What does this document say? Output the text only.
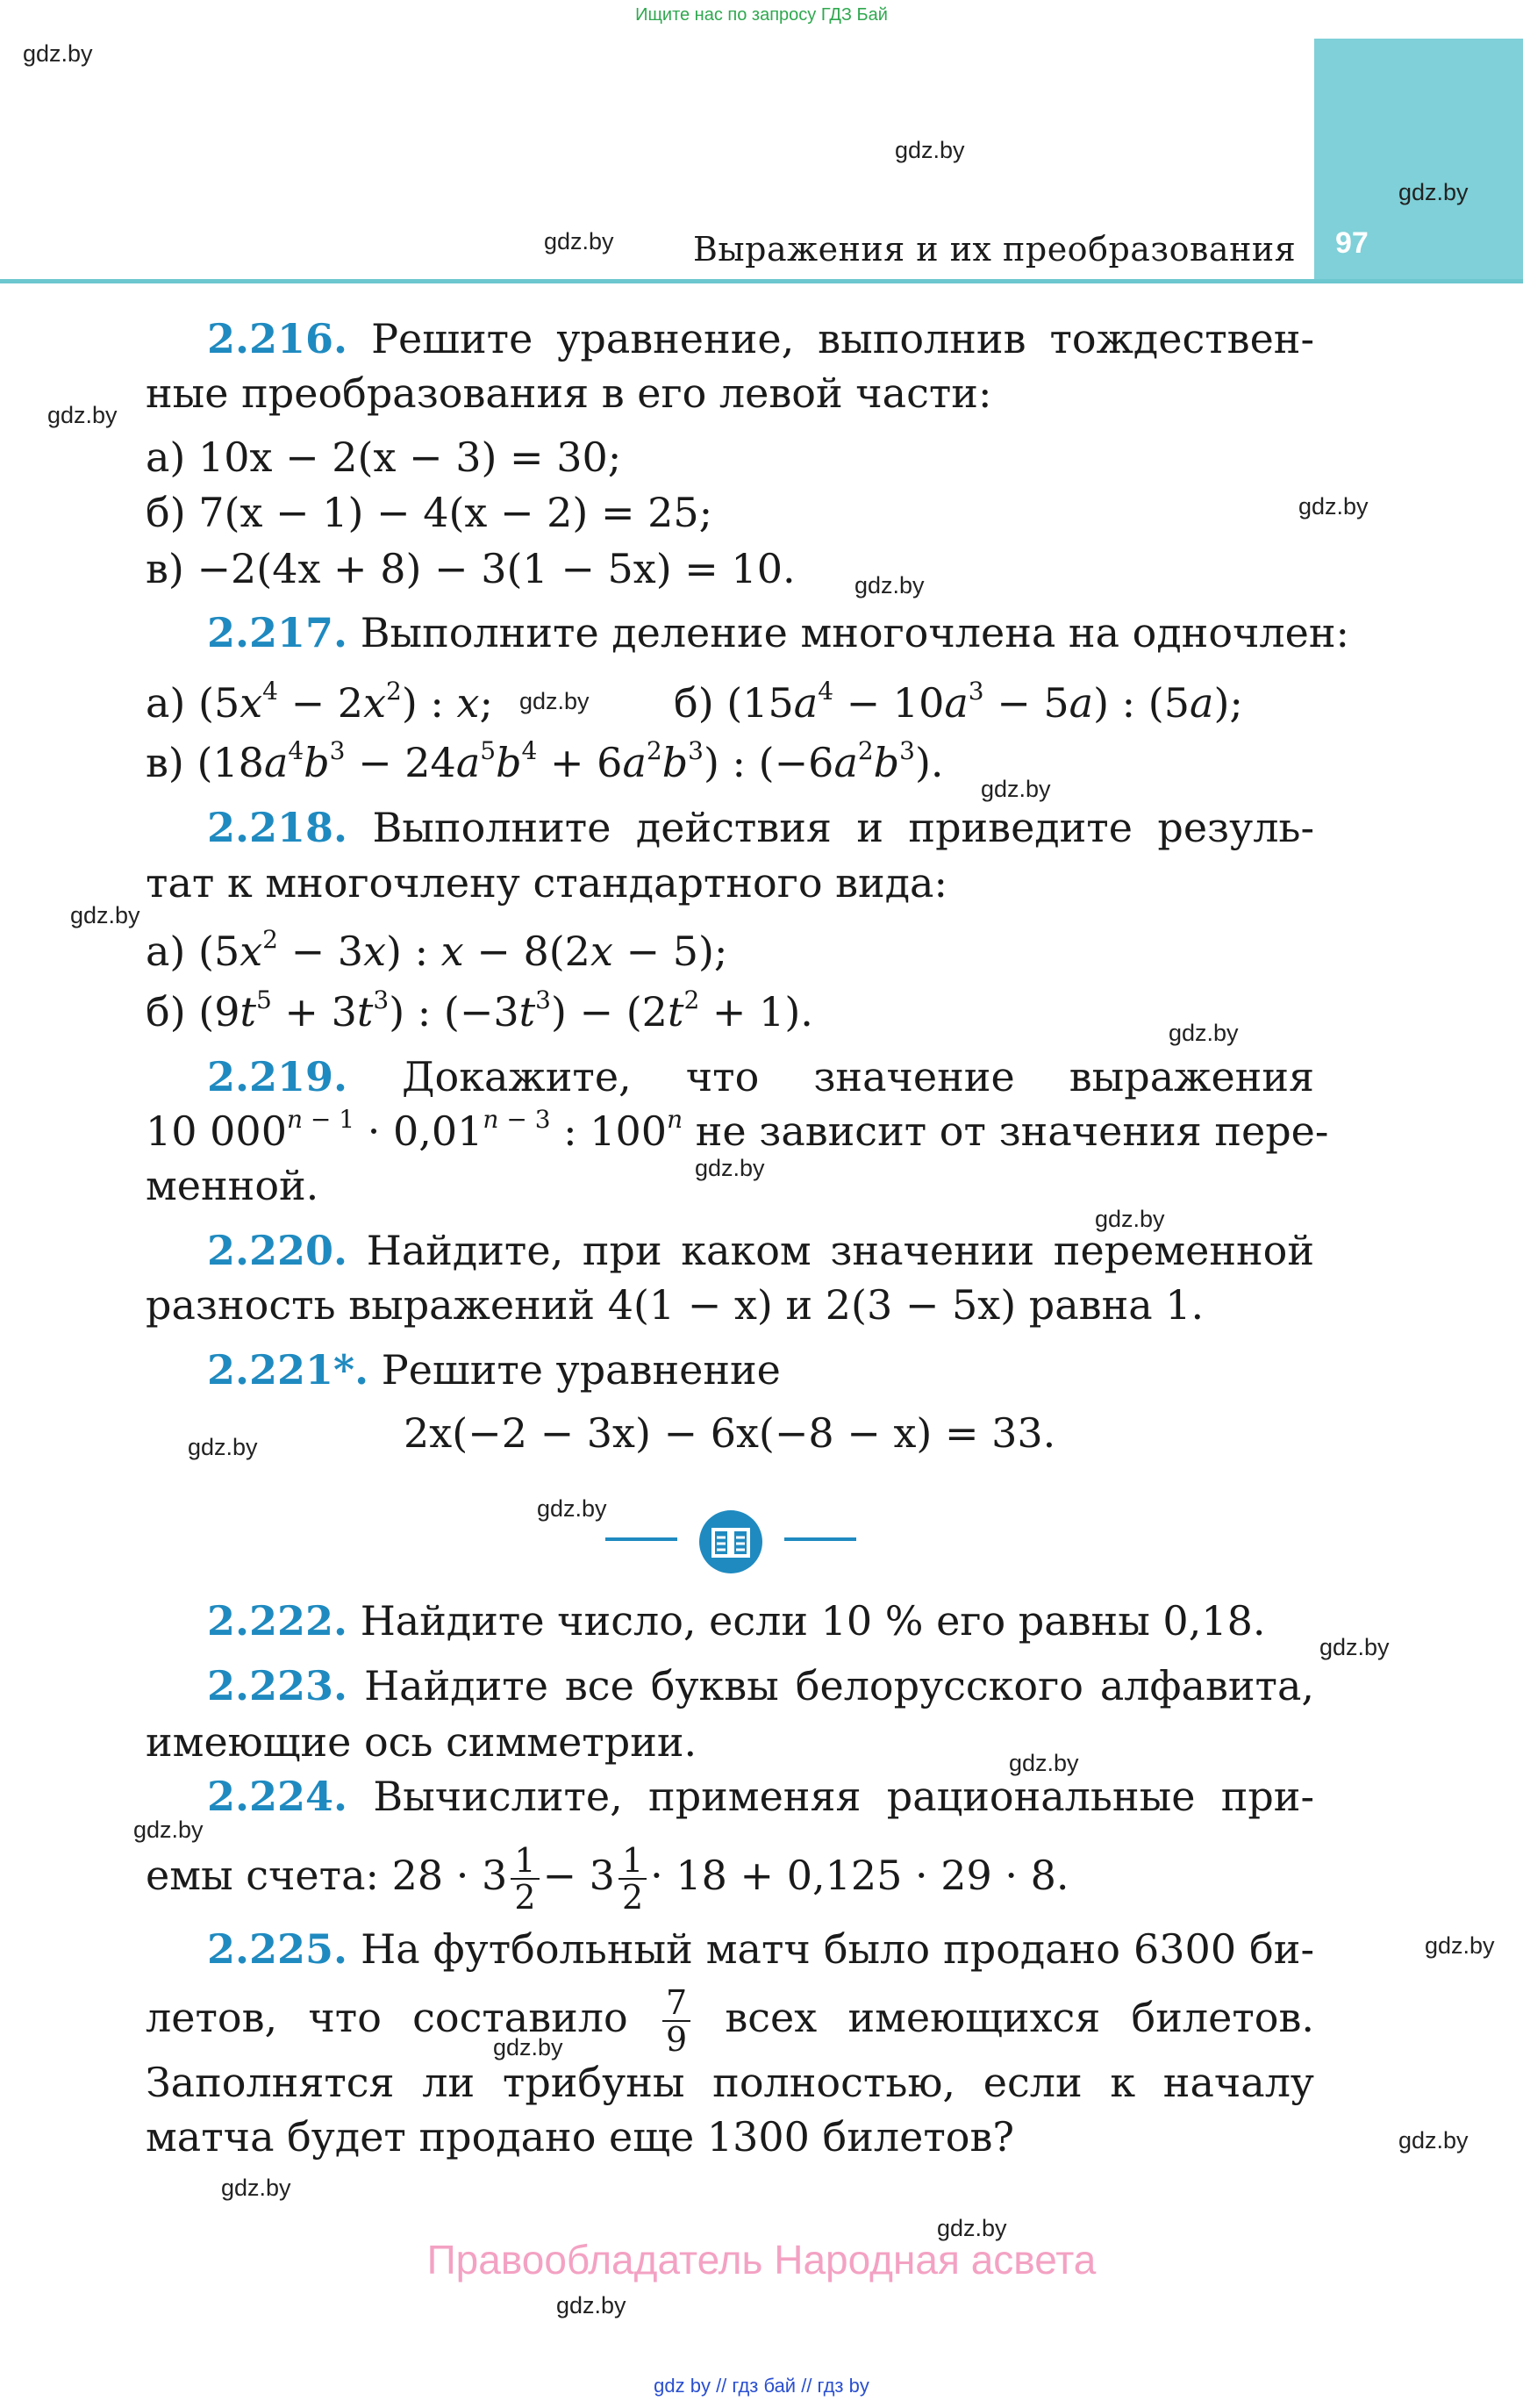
Ищите нас по запросу ГДЗ Бай
97
Выражения и их преобразования
gdz.by
gdz.by
gdz.by
gdz.by
gdz.by
gdz.by
gdz.by
gdz.by
gdz.by
gdz.by
gdz.by
gdz.by
gdz.by
gdz.by
gdz.by
gdz.by
gdz.by
gdz.by
gdz.by
gdz.by
gdz.by
gdz.by
gdz.by
gdz.by
2.216. Решите уравнение, выполнив тождествен-
ные преобразования в его левой части:
а) 10x − 2(x − 3) = 30;
б) 7(x − 1) − 4(x − 2) = 25;
в) −2(4x + 8) − 3(1 − 5x) = 10.
2.217. Выполните деление многочлена на одночлен:
а) $(5x^4 - 2x^2)$ : x;	б) $(15a^4 - 10a^3 - 5a)$ : (5a);
в) $(18a^4b^3 - 24a^5b^4 + 6a^2b^3)$ : $(-6a^2b^3)$.
2.218. Выполните действия и приведите резуль-
тат к многочлену стандартного вида:
а) $(5x^2 - 3x)$ : x − 8(2x − 5);
б) $(9t^5 + 3t^3)$ : $(-3t^3) - (2t^2 + 1)$.
2.219. Докажите, что значение выражения
10 $000^{n - 1} \cdot 0,01^{n - 3}$ : 100$^n$ не зависит от значения пере-
менной.
2.220. Найдите, при каком значении переменной
разность выражений 4(1 − x) и 2(3 − 5x) равна 1.
2.221*. Решите уравнение
2x(−2 − 3x) − 6x(−8 − x) = 33.
2.222. Найдите число, если 10 % его равны 0,18.
2.223. Найдите все буквы белорусского алфавита,
имеющие ось симметрии.
2.224. Вычислите, применяя рациональные при-
емы счета: $28 \cdot 3 \frac{1}{2} - 3 \frac{1}{2} \cdot 18 + 0,125 \cdot 29 \cdot 8$.
2.225. На футбольный матч было продано 6300 би-
летов, что составило $\frac{7}{9}$ всех имеющихся билетов.
Заполнятся ли трибуны полностью, если к началу
матча будет продано еще 1300 билетов?
Правообладатель Народная асвета
gdz by // гдз бай // гдз by
